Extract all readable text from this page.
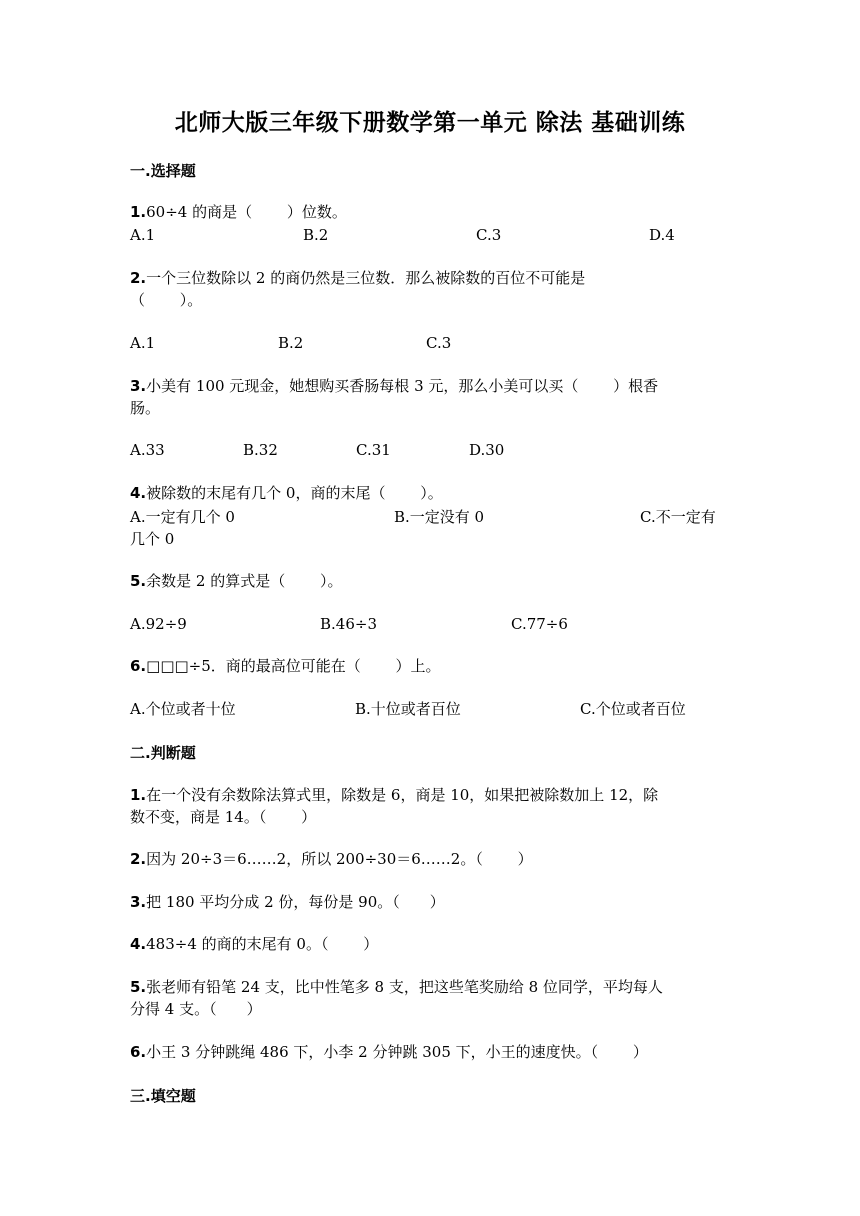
北师大版三年级下册数学第一单元 除法 基础训练
一.选择题
1.60÷4 的商是（　　 ）位数。
A.1	B.2	C.3	D.4
2.一个三位数除以 2 的商仍然是三位数．那么被除数的百位不可能是
（　　 ）。
A.1	B.2	C.3
3.小美有 100 元现金，她想购买香肠每根 3 元，那么小美可以买（　　 ）根香
肠。
A.33	B.32	C.31	D.30
4.被除数的末尾有几个 0，商的末尾（　　 ）。
A.一定有几个 0	B.一定没有 0	C.不一定有
几个 0
5.余数是 2 的算式是（　　 ）。
A.92÷9	B.46÷3	C.77÷6
6.□□□÷5．商的最高位可能在（　　 ）上。
A.个位或者十位	B.十位或者百位	C.个位或者百位
二.判断题
1.在一个没有余数除法算式里，除数是 6，商是 10，如果把被除数加上 12，除
数不变，商是 14。（　　 ）
2.因为 20÷3＝6……2，所以 200÷30＝6……2。（　　 ）
3.把 180 平均分成 2 份，每份是 90。（　　）
4.483÷4 的商的末尾有 0。（　　 ）
5.张老师有铅笔 24 支，比中性笔多 8 支，把这些笔奖励给 8 位同学，平均每人
分得 4 支。（　　）
6.小王 3 分钟跳绳 486 下，小李 2 分钟跳 305 下，小王的速度快。（　　 ）
三.填空题
